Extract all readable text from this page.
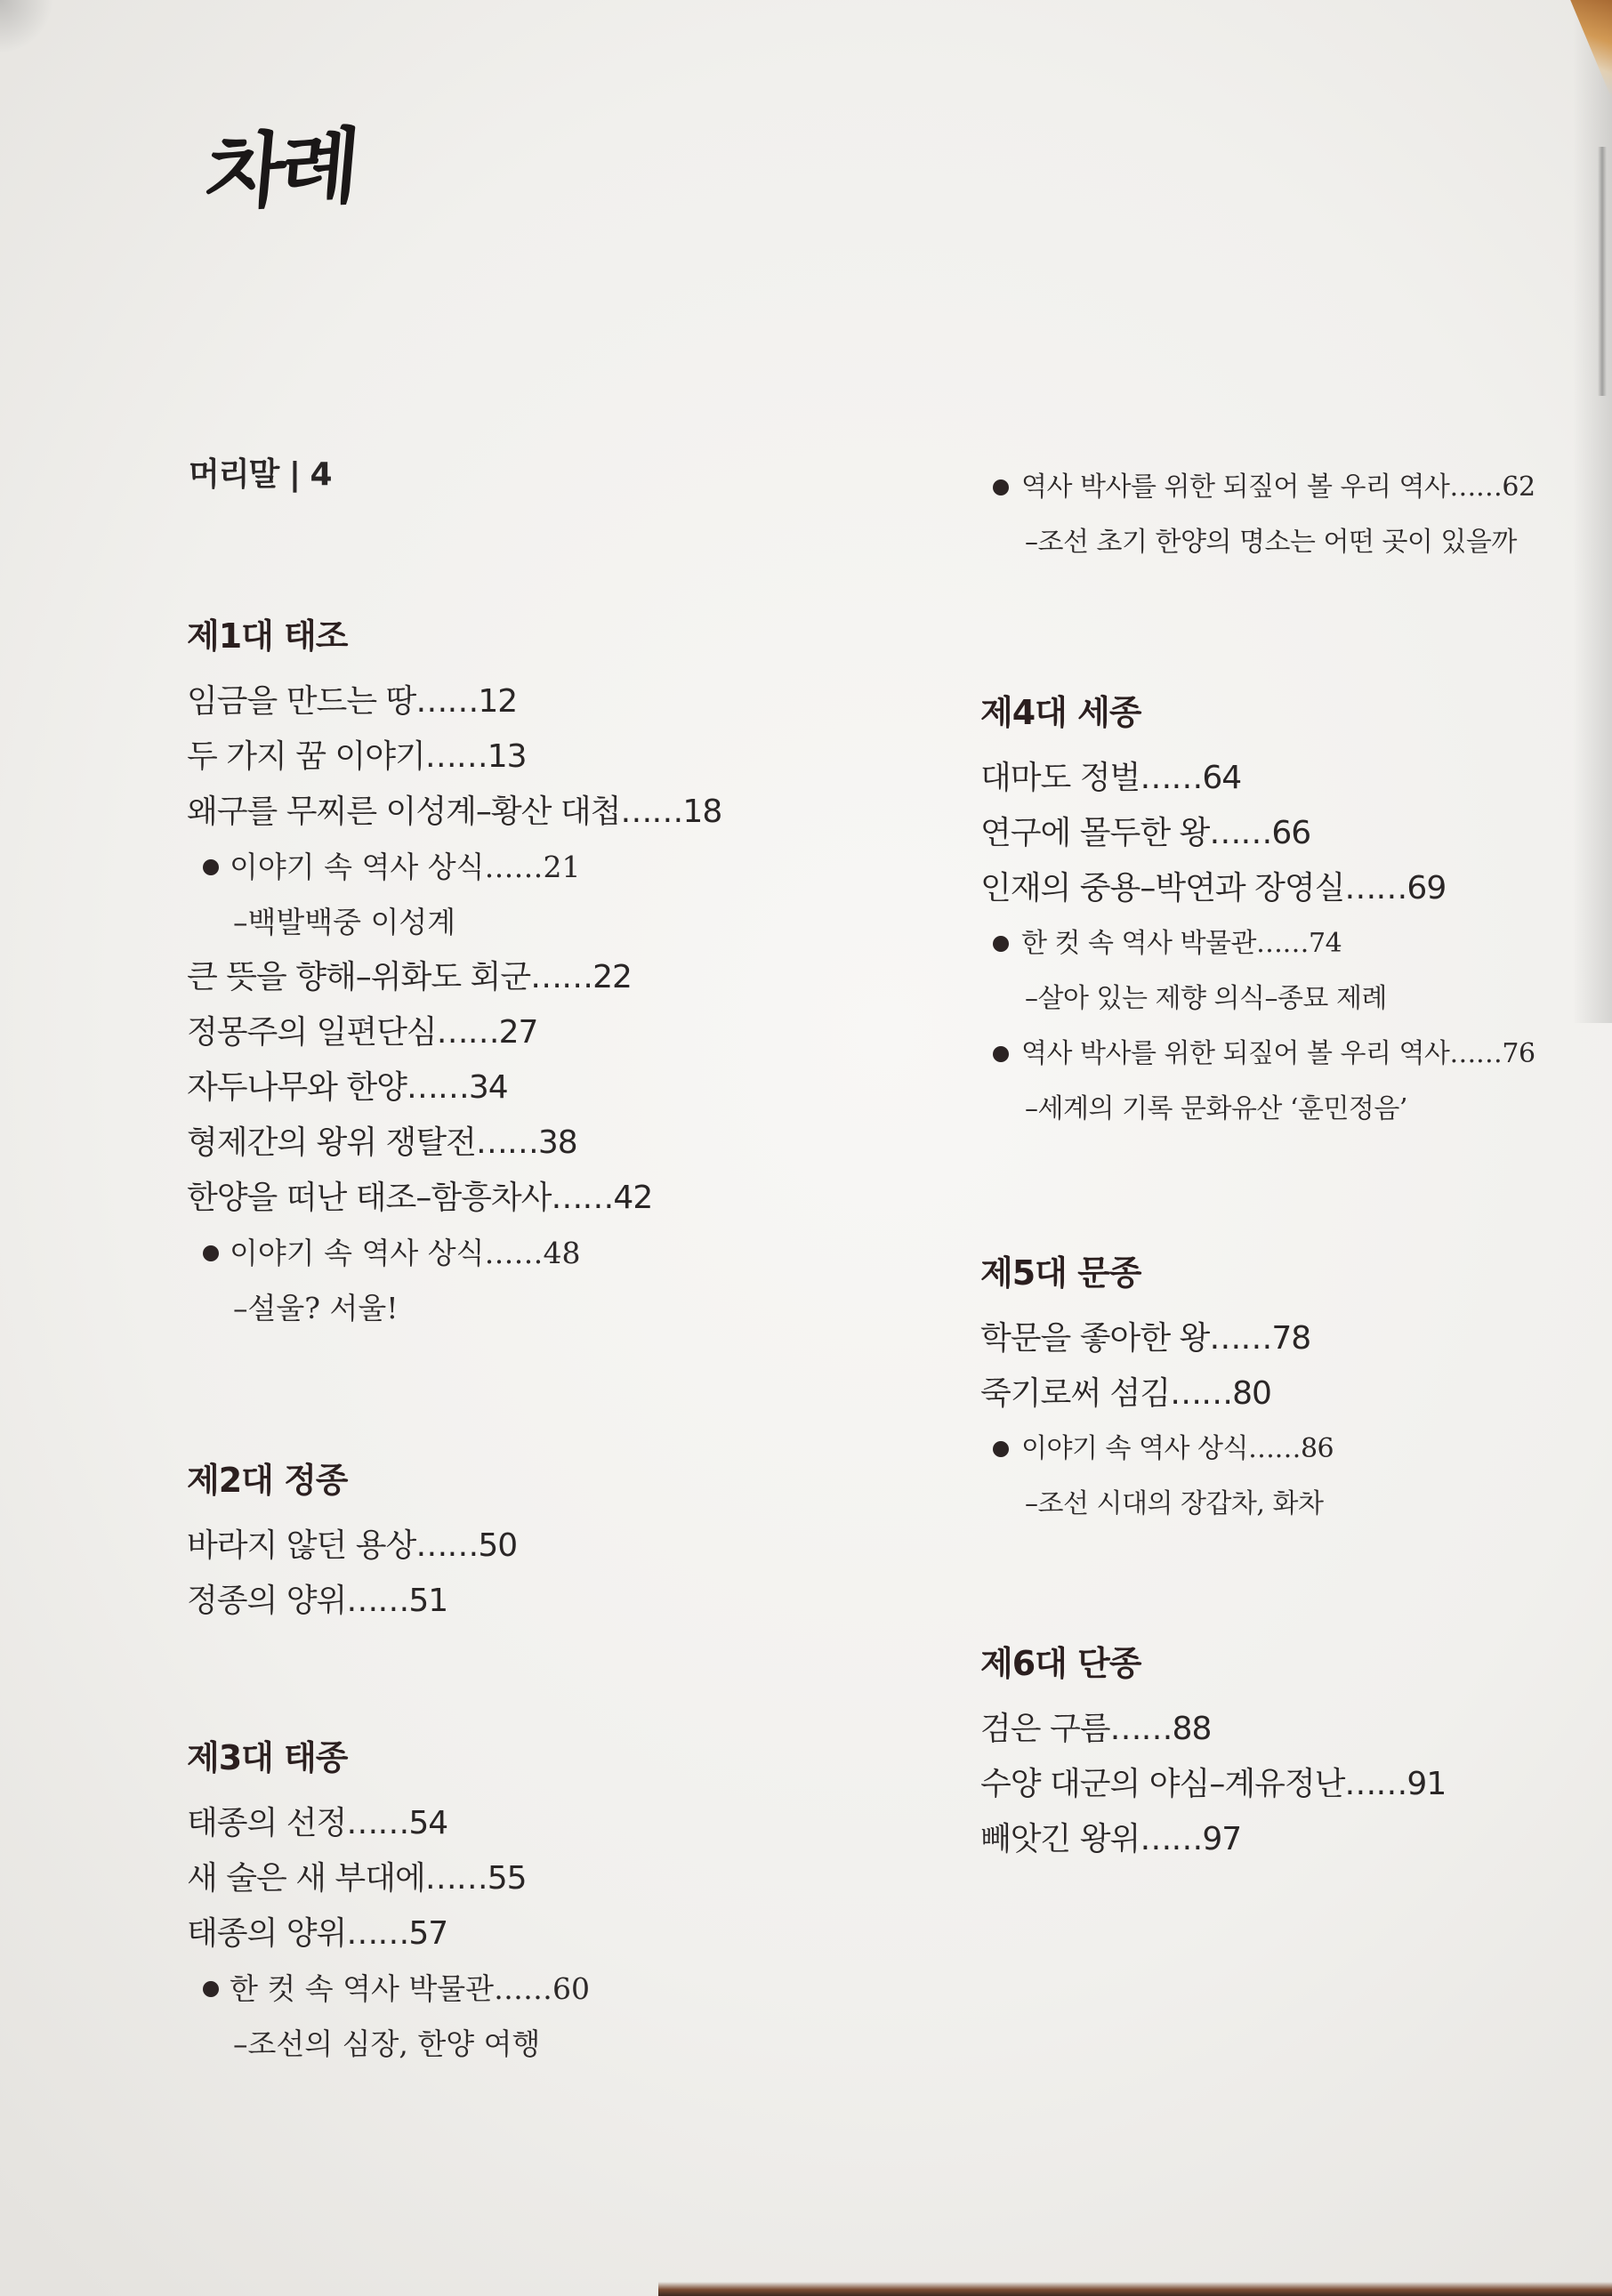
차례
머리말 | 4
제1대 태조
임금을 만드는 땅……12
두 가지 꿈 이야기……13
왜구를 무찌른 이성계–황산 대첩……18
이야기 속 역사 상식……21
–백발백중 이성계
큰 뜻을 향해–위화도 회군……22
정몽주의 일편단심……27
자두나무와 한양……34
형제간의 왕위 쟁탈전……38
한양을 떠난 태조–함흥차사……42
이야기 속 역사 상식……48
–설울? 서울!
제2대 정종
바라지 않던 용상……50
정종의 양위……51
제3대 태종
태종의 선정……54
새 술은 새 부대에……55
태종의 양위……57
한 컷 속 역사 박물관……60
–조선의 심장, 한양 여행
역사 박사를 위한 되짚어 볼 우리 역사……62
–조선 초기 한양의 명소는 어떤 곳이 있을까
제4대 세종
대마도 정벌……64
연구에 몰두한 왕……66
인재의 중용–박연과 장영실……69
한 컷 속 역사 박물관……74
–살아 있는 제향 의식–종묘 제례
역사 박사를 위한 되짚어 볼 우리 역사……76
–세계의 기록 문화유산 ‘훈민정음’
제5대 문종
학문을 좋아한 왕……78
죽기로써 섬김……80
이야기 속 역사 상식……86
–조선 시대의 장갑차, 화차
제6대 단종
검은 구름……88
수양 대군의 야심–계유정난……91
빼앗긴 왕위……97
